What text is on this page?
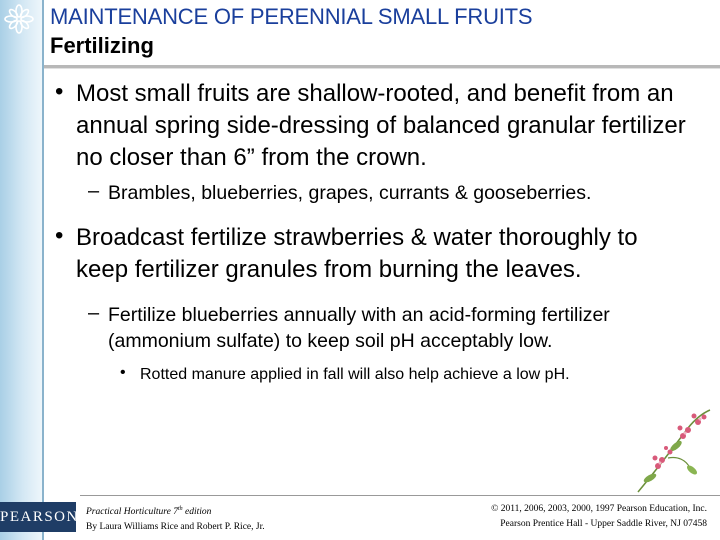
MAINTENANCE OF PERENNIAL SMALL FRUITS
Fertilizing
• Most small fruits are shallow-rooted, and benefit from an annual spring side-dressing of balanced granular fertilizer no closer than 6” from the crown.
– Brambles, blueberries, grapes, currants & gooseberries.
• Broadcast fertilize strawberries & water thoroughly to keep fertilizer granules from burning the leaves.
– Fertilize blueberries annually with an acid-forming fertilizer (ammonium sulfate) to keep soil pH acceptably low.
• Rotted manure applied in fall will also help achieve a low pH.
PEARSON Practical Horticulture 7th edition
By Laura Williams Rice and Robert P. Rice, Jr.
© 2011, 2006, 2003, 2000, 1997 Pearson Education, Inc.
Pearson Prentice Hall - Upper Saddle River, NJ 07458
